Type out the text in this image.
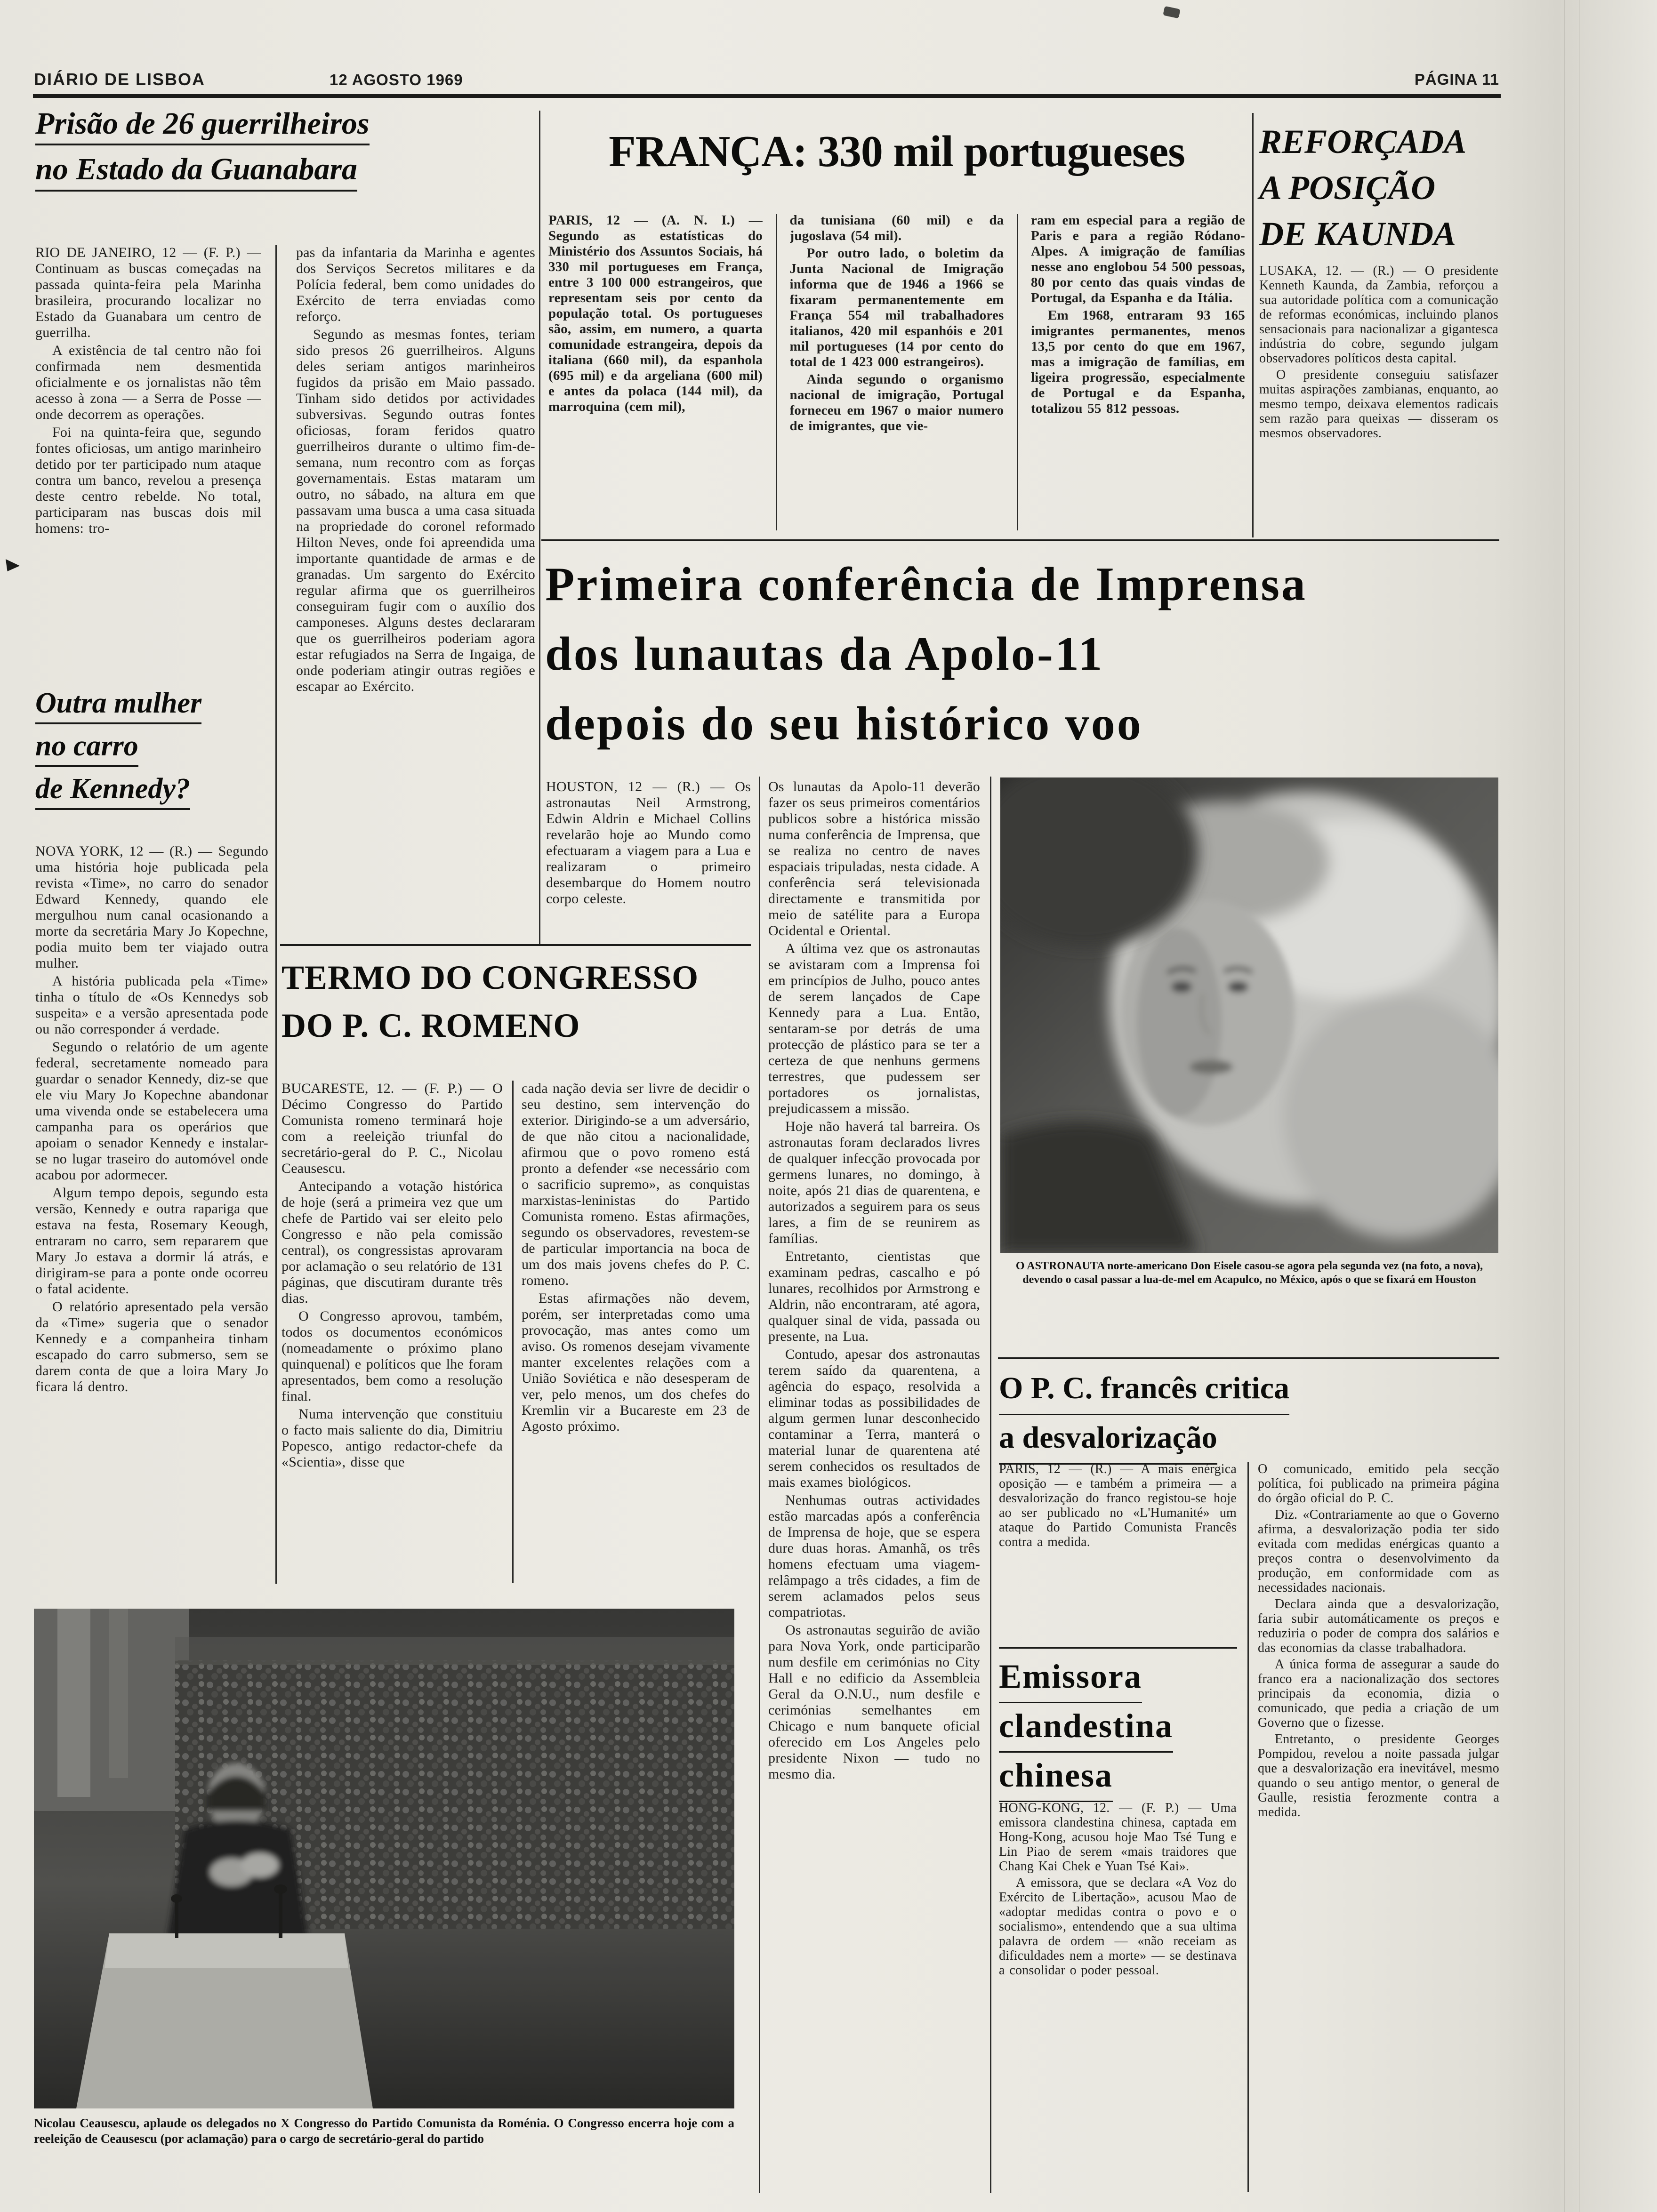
DIÁRIO DE LISBOA	12 AGOSTO 1969	PÁGINA 11
Prisão de 26 guerrilheiros
no Estado da Guanabara

RIO DE JANEIRO, 12 — (F. P.) — Continuam as buscas começadas na passada quinta-feira pela Marinha brasileira, procurando localizar no Estado da Guanabara um centro de guerrilha.

A existência de tal centro não foi confirmada nem desmentida oficialmente e os jornalistas não têm acesso à zona — a Serra de Posse — onde decorrem as operações.

Foi na quinta-feira que, segundo fontes oficiosas, um antigo marinheiro detido por ter participado num ataque contra um banco, revelou a presença deste centro rebelde. No total, participaram nas buscas dois mil homens: tro-

pas da infantaria da Marinha e agentes dos Serviços Secretos militares e da Polícia federal, bem como unidades do Exército de terra enviadas como reforço.

Segundo as mesmas fontes, teriam sido presos 26 guerrilheiros. Alguns deles seriam antigos marinheiros fugidos da prisão em Maio passado. Tinham sido detidos por actividades subversivas. Segundo outras fontes oficiosas, foram feridos quatro guerrilheiros durante o ultimo fim-de-semana, num recontro com as forças governamentais. Estas mataram um outro, no sábado, na altura em que passavam uma busca a uma casa situada na propriedade do coronel reformado Hilton Neves, onde foi apreendida uma importante quantidade de armas e de granadas. Um sargento do Exército regular afirma que os guerrilheiros conseguiram fugir com o auxílio dos camponeses. Alguns destes declararam que os guerrilheiros poderiam agora estar refugiados na Serra de Ingaiga, de onde poderiam atingir outras regiões e escapar ao Exército.

Outra mulher
no carro
de Kennedy?

NOVA YORK, 12 — (R.) — Segundo uma história hoje publicada pela revista «Time», no carro do senador Edward Kennedy, quando ele mergulhou num canal ocasionando a morte da secretária Mary Jo Kopechne, podia muito bem ter viajado outra mulher.

A história publicada pela «Time» tinha o título de «Os Kennedys sob suspeita» e a versão apresentada pode ou não corresponder á verdade.

Segundo o relatório de um agente federal, secretamente nomeado para guardar o senador Kennedy, diz-se que ele viu Mary Jo Kopechne abandonar uma vivenda onde se estabelecera uma campanha para os operários que apoiam o senador Kennedy e instalar-se no lugar traseiro do automóvel onde acabou por adormecer.

Algum tempo depois, segundo esta versão, Kennedy e outra rapariga que estava na festa, Rosemary Keough, entraram no carro, sem repararem que Mary Jo estava a dormir lá atrás, e dirigiram-se para a ponte onde ocorreu o fatal acidente.

O relatório apresentado pela versão da «Time» sugeria que o senador Kennedy e a companheira tinham escapado do carro submerso, sem se darem conta de que a loira Mary Jo ficara lá dentro.

FRANÇA: 330 mil portugueses

PARIS, 12 — (A. N. I.) — Segundo as estatísticas do Ministério dos Assuntos Sociais, há 330 mil portugueses em França, entre 3 100 000 estrangeiros, que representam seis por cento da população total. Os portugueses são, assim, em numero, a quarta comunidade estrangeira, depois da italiana (660 mil), da espanhola (695 mil) e da argeliana (600 mil) e antes da polaca (144 mil), da marroquina (cem mil),

da tunisiana (60 mil) e da jugoslava (54 mil).

Por outro lado, o boletim da Junta Nacional de Imigração informa que de 1946 a 1966 se fixaram permanentemente em França 554 mil trabalhadores italianos, 420 mil espanhóis e 201 mil portugueses (14 por cento do total de 1 423 000 estrangeiros).

Ainda segundo o organismo nacional de imigração, Portugal forneceu em 1967 o maior numero de imigrantes, que vie-

ram em especial para a região de Paris e para a região Ródano-Alpes. A imigração de famílias nesse ano englobou 54 500 pessoas, 80 por cento das quais vindas de Portugal, da Espanha e da Itália.

Em 1968, entraram 93 165 imigrantes permanentes, menos 13,5 por cento do que em 1967, mas a imigração de famílias, em ligeira progressão, especialmente de Portugal e da Espanha, totalizou 55 812 pessoas.

REFORÇADA
A POSIÇÃO
DE KAUNDA

LUSAKA, 12. — (R.) — O presidente Kenneth Kaunda, da Zambia, reforçou a sua autoridade política com a comunicação de reformas económicas, incluindo planos sensacionais para nacionalizar a gigantesca indústria do cobre, segundo julgam observadores políticos desta capital.

O presidente conseguiu satisfazer muitas aspirações zambianas, enquanto, ao mesmo tempo, deixava elementos radicais sem razão para queixas — disseram os mesmos observadores.

Primeira conferência de Imprensa
dos lunautas da Apolo-11
depois do seu histórico voo

HOUSTON, 12 — (R.) — Os astronautas Neil Armstrong, Edwin Aldrin e Michael Collins revelarão hoje ao Mundo como efectuaram a viagem para a Lua e realizaram o primeiro desembarque do Homem noutro corpo celeste.

Os lunautas da Apolo-11 deverão fazer os seus primeiros comentários publicos sobre a histórica missão numa conferência de Imprensa, que se realiza no centro de naves espaciais tripuladas, nesta cidade. A conferência será televisionada directamente e transmitida por meio de satélite para a Europa Ocidental e Oriental.

A última vez que os astronautas se avistaram com a Imprensa foi em princípios de Julho, pouco antes de serem lançados de Cape Kennedy para a Lua. Então, sentaram-se por detrás de uma protecção de plástico para se ter a certeza de que nenhuns germens terrestres, que pudessem ser portadores os jornalistas, prejudicassem a missão.

Hoje não haverá tal barreira. Os astronautas foram declarados livres de qualquer infecção provocada por germens lunares, no domingo, à noite, após 21 dias de quarentena, e autorizados a seguirem para os seus lares, a fim de se reunirem as famílias.

Entretanto, cientistas que examinam pedras, cascalho e pó lunares, recolhidos por Armstrong e Aldrin, não encontraram, até agora, qualquer sinal de vida, passada ou presente, na Lua.

Contudo, apesar dos astronautas terem saído da quarentena, a agência do espaço, resolvida a eliminar todas as possibilidades de algum germen lunar desconhecido contaminar a Terra, manterá o material lunar de quarentena até serem conhecidos os resultados de mais exames biológicos.

Nenhumas outras actividades estão marcadas após a conferência de Imprensa de hoje, que se espera dure duas horas. Amanhã, os três homens efectuam uma viagem-relâmpago a três cidades, a fim de serem aclamados pelos seus compatriotas.

Os astronautas seguirão de avião para Nova York, onde participarão num desfile em cerimónias no City Hall e no edificio da Assembleia Geral da O.N.U., num desfile e cerimónias semelhantes em Chicago e num banquete oficial oferecido em Los Angeles pelo presidente Nixon — tudo no mesmo dia.

O ASTRONAUTA norte-americano Don Eisele casou-se agora pela segunda vez (na foto, a nova), devendo o casal passar a lua-de-mel em Acapulco, no México, após o que se fixará em Houston
TERMO DO CONGRESSO
DO P. C. ROMENO

BUCARESTE, 12. — (F. P.) — O Décimo Congresso do Partido Comunista romeno terminará hoje com a reeleição triunfal do secretário-geral do P. C., Nicolau Ceausescu.

Antecipando a votação histórica de hoje (será a primeira vez que um chefe de Partido vai ser eleito pelo Congresso e não pela comissão central), os congressistas aprovaram por aclamação o seu relatório de 131 páginas, que discutiram durante três dias.

O Congresso aprovou, também, todos os documentos económicos (nomeadamente o próximo plano quinquenal) e políticos que lhe foram apresentados, bem como a resolução final.

Numa intervenção que constituiu o facto mais saliente do dia, Dimitriu Popesco, antigo redactor-chefe da «Scientia», disse que

cada nação devia ser livre de decidir o seu destino, sem intervenção do exterior. Dirigindo-se a um adversário, de que não citou a nacionalidade, afirmou que o povo romeno está pronto a defender «se necessário com o sacrificio supremo», as conquistas marxistas-leninistas do Partido Comunista romeno. Estas afirmações, segundo os observadores, revestem-se de particular importancia na boca de um dos mais jovens chefes do P. C. romeno.

Estas afirmações não devem, porém, ser interpretadas como uma provocação, mas antes como um aviso. Os romenos desejam vivamente manter excelentes relações com a União Soviética e não desesperam de ver, pelo menos, um dos chefes do Kremlin vir a Bucareste em 23 de Agosto próximo.

Nicolau Ceausescu, aplaude os delegados no X Congresso do Partido Comunista da Roménia. O Congresso encerra hoje com a reeleição de Ceausescu (por aclamação) para o cargo de secretário-geral do partido
O P. C. francês critica
a desvalorização

PARIS, 12 — (R.) — A mais enérgica oposição — e também a primeira — a desvalorização do franco registou-se hoje ao ser publicado no «L'Humanité» um ataque do Partido Comunista Francês contra a medida.

O comunicado, emitido pela secção política, foi publicado na primeira página do órgão oficial do P. C.

Diz. «Contrariamente ao que o Governo afirma, a desvalorização podia ter sido evitada com medidas enérgicas quanto a preços contra o desenvolvimento da produção, em conformidade com as necessidades nacionais.

Declara ainda que a desvalorização, faria subir automáticamente os preços e reduziria o poder de compra dos salários e das economias da classe trabalhadora.

A única forma de assegurar a saude do franco era a nacionalização dos sectores principais da economia, dizia o comunicado, que pedia a criação de um Governo que o fizesse.

Entretanto, o presidente Georges Pompidou, revelou a noite passada julgar que a desvalorização era inevitável, mesmo quando o seu antigo mentor, o general de Gaulle, resistia ferozmente contra a medida.

Emissora
clandestina
chinesa

HONG-KONG, 12. — (F. P.) — Uma emissora clandestina chinesa, captada em Hong-Kong, acusou hoje Mao Tsé Tung e Lin Piao de serem «mais traidores que Chang Kai Chek e Yuan Tsé Kai».

A emissora, que se declara «A Voz do Exército de Libertação», acusou Mao de «adoptar medidas contra o povo e o socialismo», entendendo que a sua ultima palavra de ordem — «não receiam as dificuldades nem a morte» — se destinava a consolidar o poder pessoal.
